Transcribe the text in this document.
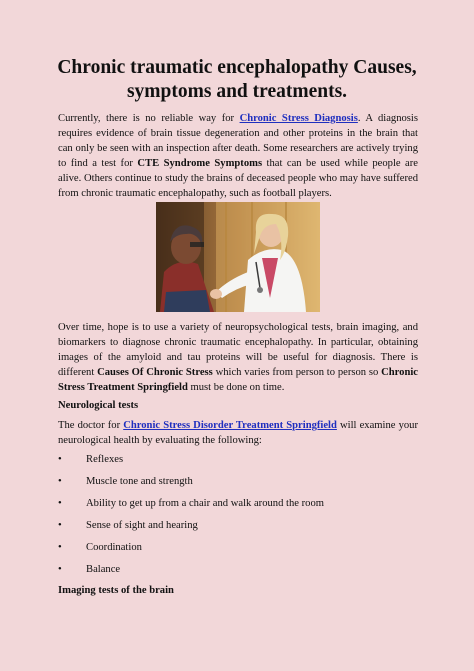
Chronic traumatic encephalopathy Causes, symptoms and treatments.

Currently, there is no reliable way for Chronic Stress Diagnosis. A diagnosis requires evidence of brain tissue degeneration and other proteins in the brain that can only be seen with an inspection after death. Some researchers are actively trying to find a test for CTE Syndrome Symptoms that can be used while people are alive. Others continue to study the brains of deceased people who may have suffered from chronic traumatic encephalopathy, such as football players.

Over time, hope is to use a variety of neuropsychological tests, brain imaging, and biomarkers to diagnose chronic traumatic encephalopathy. In particular, obtaining images of the amyloid and tau proteins will be useful for diagnosis. There is different Causes Of Chronic Stress which varies from person to person so Chronic Stress Treatment Springfield must be done on time.

Neurological tests

The doctor for Chronic Stress Disorder Treatment Springfield will examine your neurological health by evaluating the following:

• Reflexes
• Muscle tone and strength
• Ability to get up from a chair and walk around the room
• Sense of sight and hearing
• Coordination
• Balance

Imaging tests of the brain
